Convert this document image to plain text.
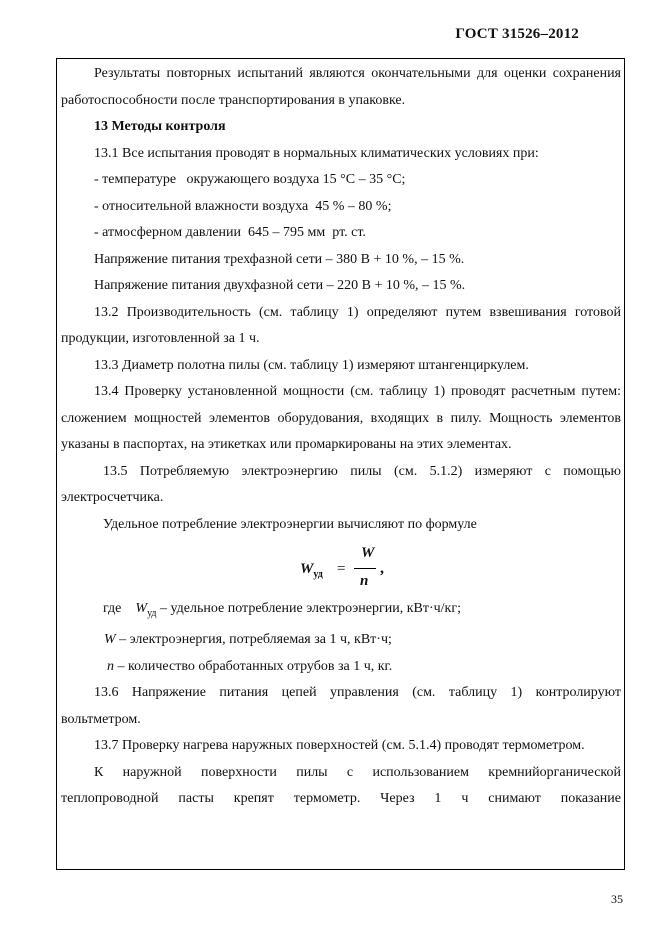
ГОСТ 31526–2012

Результаты повторных испытаний являются окончательными для оценки сохранения работоспособности после транспортирования в упаковке.

13 Методы контроля

13.1 Все испытания проводят в нормальных климатических условиях при:

- температуре   окружающего воздуха 15 °С – 35 °С;

- относительной влажности воздуха  45 % – 80 %;

- атмосферном давлении  645 – 795 мм  рт. ст.

Напряжение питания трехфазной сети – 380 В + 10 %, – 15 %.

Напряжение питания двухфазной сети – 220 В + 10 %, – 15 %.

13.2 Производительность (см. таблицу 1) определяют путем взвешивания готовой продукции, изготовленной за 1 ч.

13.3 Диаметр полотна пилы (см. таблицу 1) измеряют штангенциркулем.

13.4 Проверку установленной мощности (см. таблицу 1) проводят расчетным путем: сложением мощностей элементов оборудования, входящих в пилу. Мощность элементов указаны в паспортах, на этикетках или промаркированы на этих элементах.

13.5 Потребляемую электроэнергию пилы (см. 5.1.2) измеряют с помощью электросчетчика.

Удельное потребление электроэнергии вычисляют по формуле

$W_{уд}$ =
W
n
,

где $W_{уд}$ – удельное потребление электроэнергии, кВт·ч/кг;

W – электроэнергия, потребляемая за 1 ч, кВт·ч;

n – количество обработанных отрубов за 1 ч, кг.

13.6 Напряжение питания цепей управления (см. таблицу 1) контролируют вольтметром.

13.7 Проверку нагрева наружных поверхностей (см. 5.1.4) проводят термометром.

К наружной поверхности пилы с использованием кремнийорганической теплопроводной пасты крепят термометр. Через 1 ч снимают показание

35
